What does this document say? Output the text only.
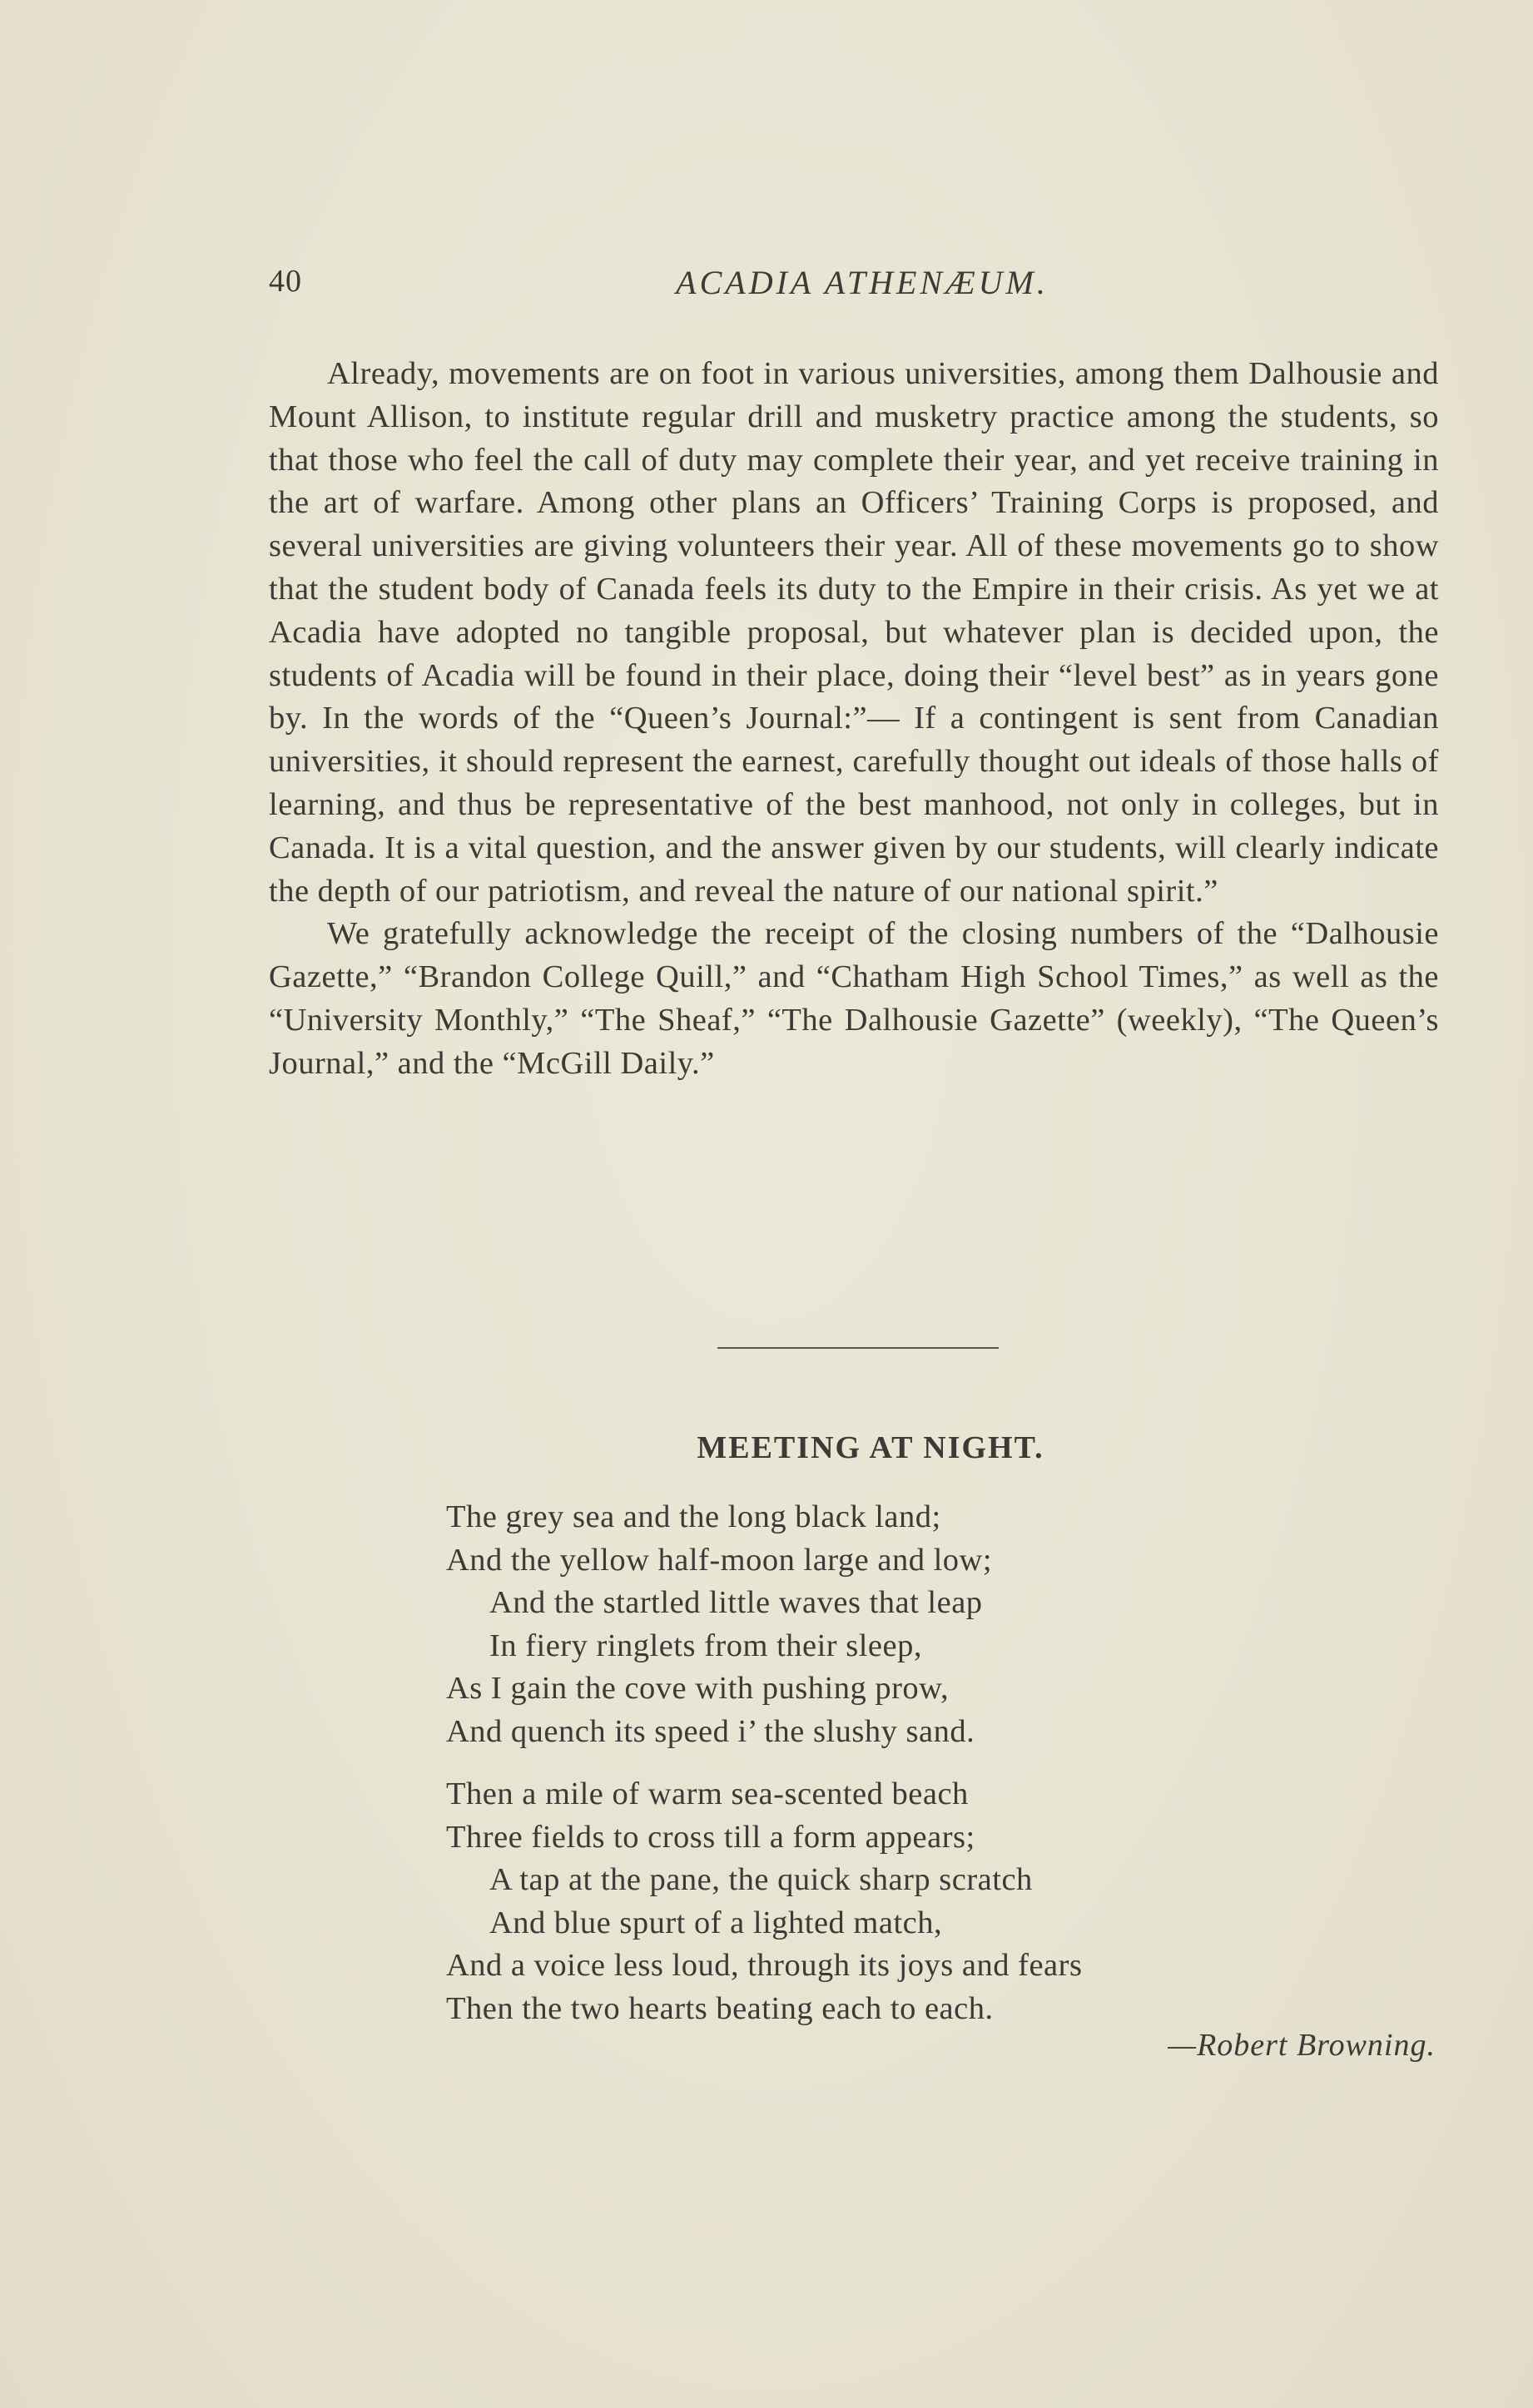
40	ACADIA ATHENÆUM.

Already, movements are on foot in various universities, among them Dalhousie and Mount Allison, to institute regular drill and musketry practice among the students, so that those who feel the call of duty may complete their year, and yet receive training in the art of warfare. Among other plans an Officers’ Training Corps is proposed, and several universities are giving volunteers their year. All of these movements go to show that the student body of Canada feels its duty to the Empire in their crisis. As yet we at Acadia have adopted no tangible proposal, but whatever plan is decided upon, the students of Acadia will be found in their place, doing their “level best” as in years gone by. In the words of the “Queen’s Journal:”— If a contingent is sent from Canadian universities, it should represent the earnest, carefully thought out ideals of those halls of learning, and thus be representative of the best manhood, not only in colleges, but in Canada. It is a vital question, and the answer given by our students, will clearly indicate the depth of our patriotism, and reveal the nature of our national spirit.”

We gratefully acknowledge the receipt of the closing numbers of the “Dalhousie Gazette,” “Brandon College Quill,” and “Chatham High School Times,” as well as the “University Monthly,” “The Sheaf,” “The Dalhousie Gazette” (weekly), “The Queen’s Journal,” and the “McGill Daily.”

MEETING AT NIGHT.
The grey sea and the long black land;
And the yellow half-moon large and low;
And the startled little waves that leap
In fiery ringlets from their sleep,
As I gain the cove with pushing prow,
And quench its speed i’ the slushy sand.
Then a mile of warm sea-scented beach
Three fields to cross till a form appears;
A tap at the pane, the quick sharp scratch
And blue spurt of a lighted match,
And a voice less loud, through its joys and fears
Then the two hearts beating each to each.
—Robert Browning.
